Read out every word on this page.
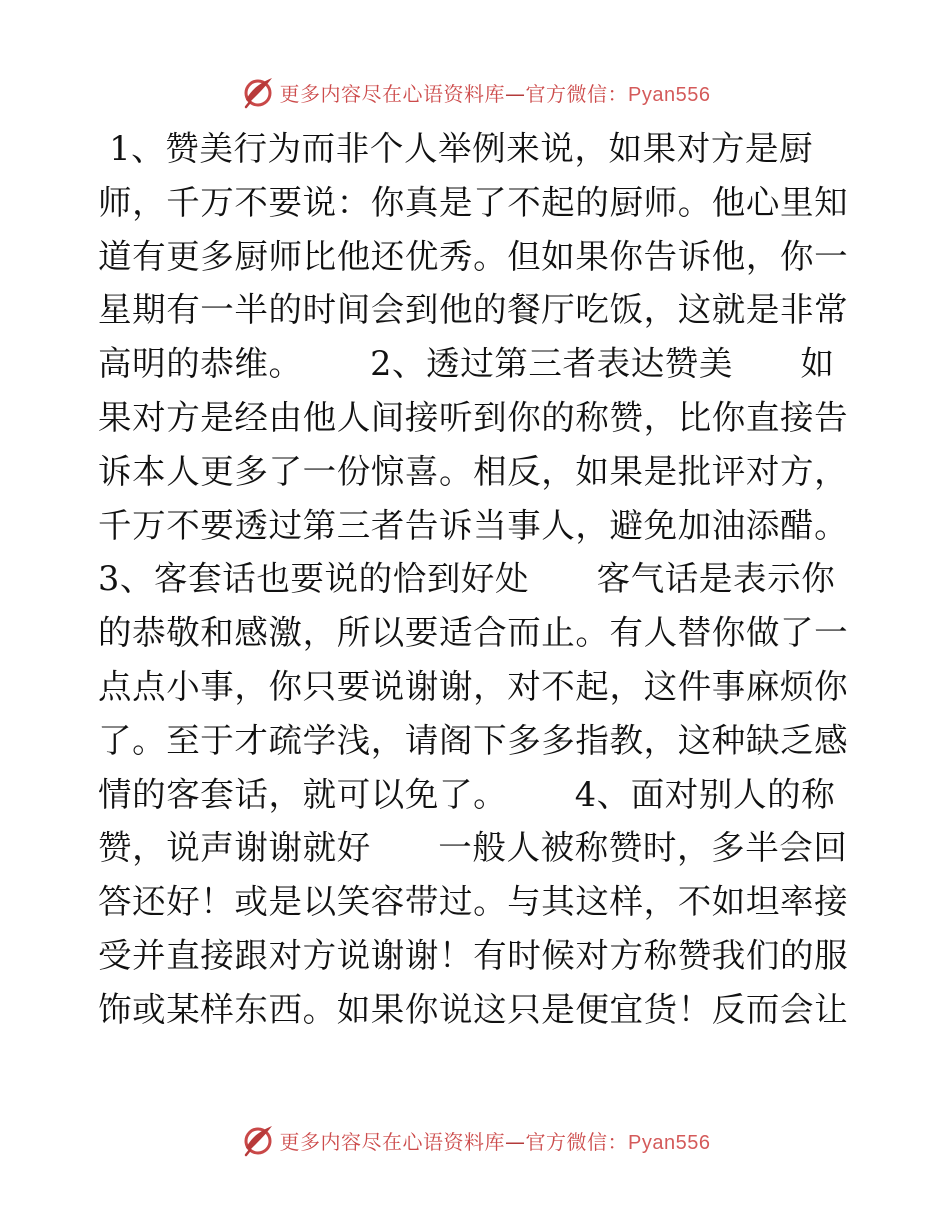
更多内容尽在心语资料库—官方微信：Pyan556
1、赞美行为而非个人举例来说，如果对方是厨
师，千万不要说：你真是了不起的厨师。他心里知
道有更多厨师比他还优秀。但如果你告诉他，你一
星期有一半的时间会到他的餐厅吃饭，这就是非常
高明的恭维。      2、透过第三者表达赞美      如
果对方是经由他人间接听到你的称赞，比你直接告
诉本人更多了一份惊喜。相反，如果是批评对方，
千万不要透过第三者告诉当事人，避免加油添醋。
3、客套话也要说的恰到好处      客气话是表示你
的恭敬和感激，所以要适合而止。有人替你做了一
点点小事，你只要说谢谢，对不起，这件事麻烦你
了。至于才疏学浅，请阁下多多指教，这种缺乏感
情的客套话，就可以免了。      4、面对别人的称
赞，说声谢谢就好      一般人被称赞时，多半会回
答还好！或是以笑容带过。与其这样，不如坦率接
受并直接跟对方说谢谢！有时候对方称赞我们的服
饰或某样东西。如果你说这只是便宜货！反而会让
更多内容尽在心语资料库—官方微信：Pyan556
